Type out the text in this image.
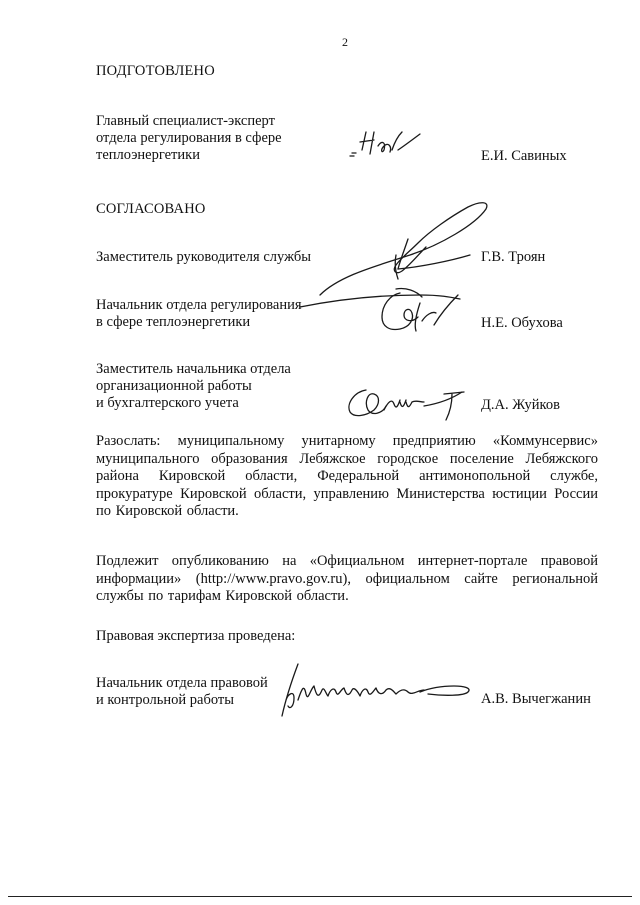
2
ПОДГОТОВЛЕНО
Главный специалист-эксперт
отдела регулирования в сфере
теплоэнергетики	Е.И. Савиных
СОГЛАСОВАНО
Заместитель руководителя службы	Г.В. Троян
Начальник отдела регулирования
в сфере теплоэнергетики	Н.Е. Обухова
Заместитель начальника отдела
организационной работы
и бухгалтерского учета	Д.А. Жуйков
Разослать: муниципальному унитарному предприятию «Коммунсервис» муниципального образования Лебяжское городское поселение Лебяжского района Кировской области, Федеральной антимонопольной службе, прокуратуре Кировской области, управлению Министерства юстиции России по Кировской области.
Подлежит опубликованию на «Официальном интернет-портале правовой информации» (http://www.pravo.gov.ru), официальном сайте региональной службы по тарифам Кировской области.
Правовая экспертиза проведена:
Начальник отдела правовой
и контрольной работы	А.В. Вычегжанин
